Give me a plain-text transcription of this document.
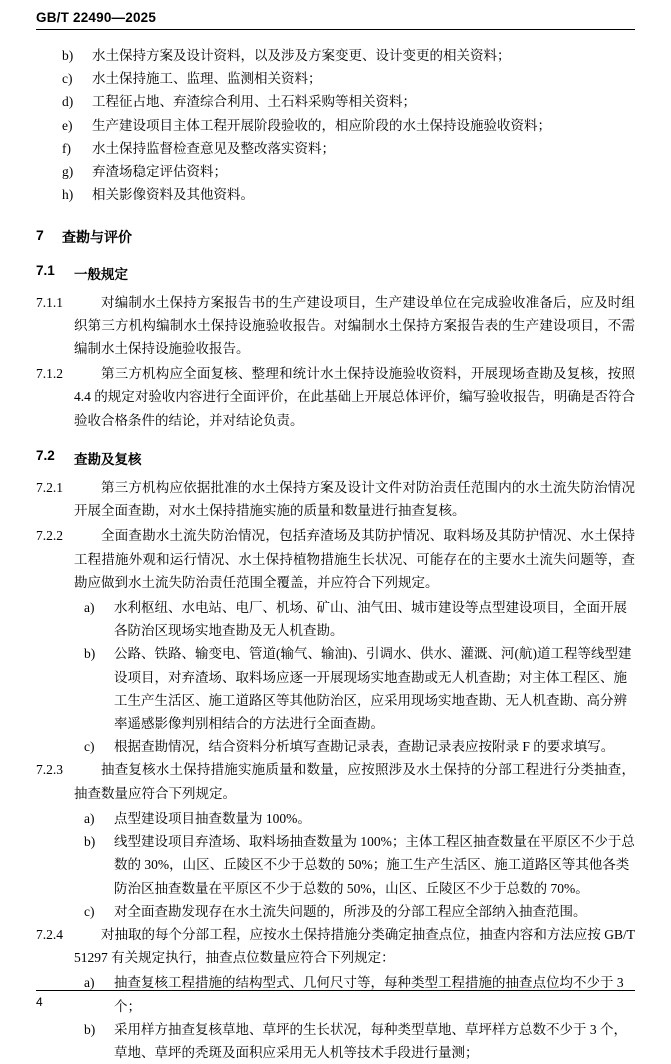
GB/T 22490—2025
b)	水土保持方案及设计资料，以及涉及方案变更、设计变更的相关资料；
c)	水土保持施工、监理、监测相关资料；
d)	工程征占地、弃渣综合利用、土石料采购等相关资料；
e)	生产建设项目主体工程开展阶段验收的，相应阶段的水土保持设施验收资料；
f)	水土保持监督检查意见及整改落实资料；
g)	弃渣场稳定评估资料；
h)	相关影像资料及其他资料。
7	查勘与评价
7.1	一般规定
7.1.1	对编制水土保持方案报告书的生产建设项目，生产建设单位在完成验收准备后，应及时组织第三方机构编制水土保持设施验收报告。对编制水土保持方案报告表的生产建设项目，不需编制水土保持设施验收报告。
7.1.2	第三方机构应全面复核、整理和统计水土保持设施验收资料，开展现场查勘及复核，按照 4.4 的规定对验收内容进行全面评价，在此基础上开展总体评价，编写验收报告，明确是否符合验收合格条件的结论，并对结论负责。
7.2	查勘及复核
7.2.1	第三方机构应依据批准的水土保持方案及设计文件对防治责任范围内的水土流失防治情况开展全面查勘，对水土保持措施实施的质量和数量进行抽查复核。
7.2.2	全面查勘水土流失防治情况，包括弃渣场及其防护情况、取料场及其防护情况、水土保持工程措施外观和运行情况、水土保持植物措施生长状况、可能存在的主要水土流失问题等，查勘应做到水土流失防治责任范围全覆盖，并应符合下列规定。
a)	水利枢纽、水电站、电厂、机场、矿山、油气田、城市建设等点型建设项目，全面开展各防治区现场实地查勘及无人机查勘。
b)	公路、铁路、输变电、管道(输气、输油)、引调水、供水、灌溉、河(航)道工程等线型建设项目，对弃渣场、取料场应逐一开展现场实地查勘或无人机查勘；对主体工程区、施工生产生活区、施工道路区等其他防治区，应采用现场实地查勘、无人机查勘、高分辨率遥感影像判别相结合的方法进行全面查勘。
c)	根据查勘情况，结合资料分析填写查勘记录表，查勘记录表应按附录 F 的要求填写。
7.2.3	抽查复核水土保持措施实施质量和数量，应按照涉及水土保持的分部工程进行分类抽查，抽查数量应符合下列规定。
a)	点型建设项目抽查数量为 100%。
b)	线型建设项目弃渣场、取料场抽查数量为 100%；主体工程区抽查数量在平原区不少于总数的 30%，山区、丘陵区不少于总数的 50%；施工生产生活区、施工道路区等其他各类防治区抽查数量在平原区不少于总数的 50%，山区、丘陵区不少于总数的 70%。
c)	对全面查勘发现存在水土流失问题的，所涉及的分部工程应全部纳入抽查范围。
7.2.4	对抽取的每个分部工程，应按水土保持措施分类确定抽查点位，抽查内容和方法应按 GB/T 51297 有关规定执行，抽查点位数量应符合下列规定：
a)	抽查复核工程措施的结构型式、几何尺寸等，每种类型工程措施的抽查点位均不少于 3 个；
b)	采用样方抽查复核草地、草坪的生长状况，每种类型草地、草坪样方总数不少于 3 个，草地、草坪的秃斑及面积应采用无人机等技术手段进行量测；
4
